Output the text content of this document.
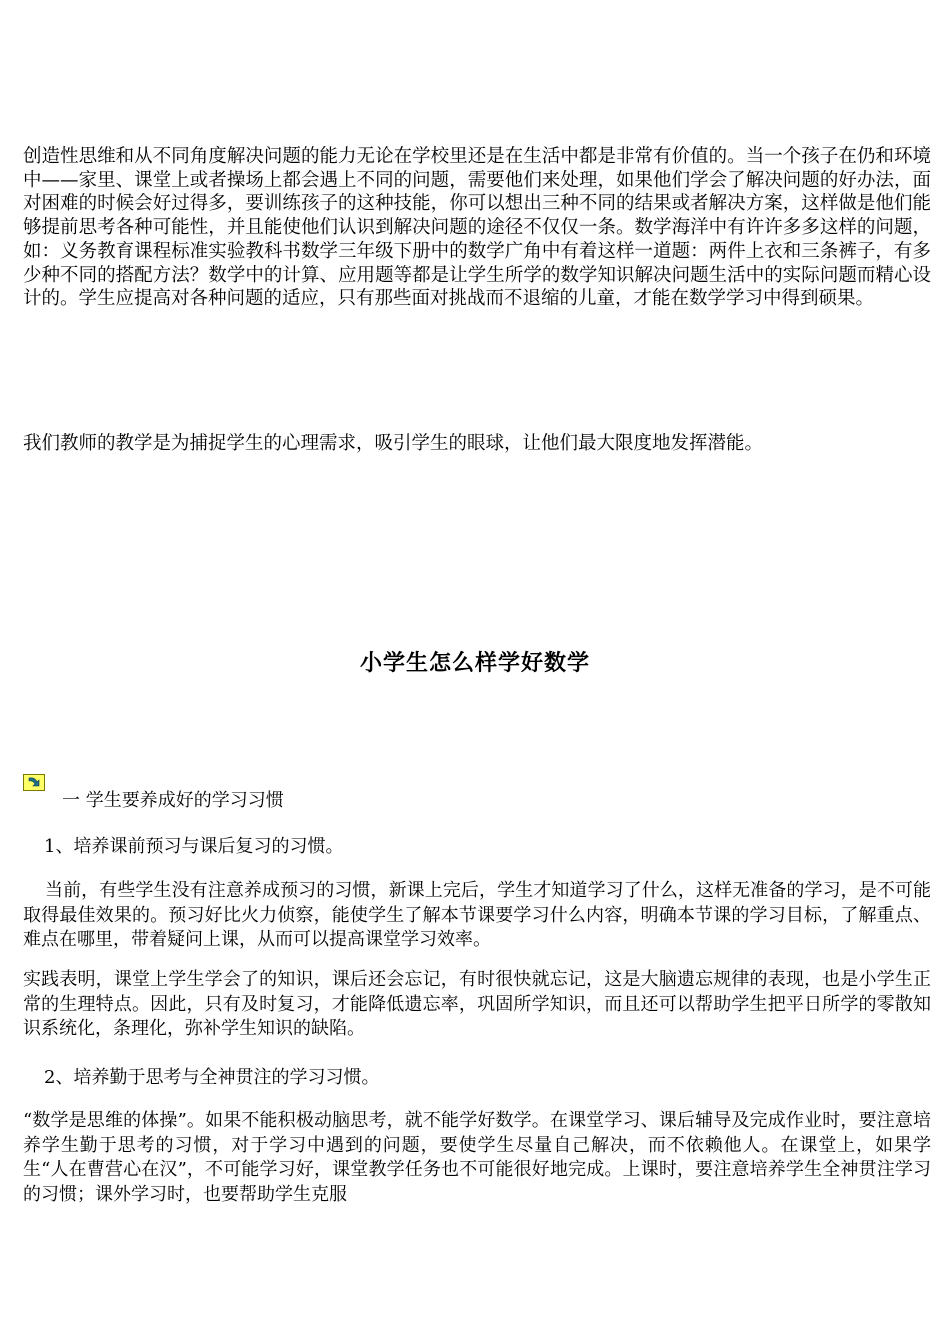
创造性思维和从不同角度解决问题的能力无论在学校里还是在生活中都是非常有价值的。当一个孩子在仍和环境中——家里、课堂上或者操场上都会遇上不同的问题，需要他们来处理，如果他们学会了解决问题的好办法，面对困难的时候会好过得多，要训练孩子的这种技能，你可以想出三种不同的结果或者解决方案，这样做是他们能够提前思考各种可能性，并且能使他们认识到解决问题的途径不仅仅一条。数学海洋中有许许多多这样的问题，如：义务教育课程标准实验教科书数学三年级下册中的数学广角中有着这样一道题：两件上衣和三条裤子，有多少种不同的搭配方法？数学中的计算、应用题等都是让学生所学的数学知识解决问题生活中的实际问题而精心设计的。学生应提高对各种问题的适应，只有那些面对挑战而不退缩的儿童，才能在数学学习中得到硕果。

我们教师的教学是为捕捉学生的心理需求，吸引学生的眼球，让他们最大限度地发挥潜能。

小学生怎么样学好数学

一 学生要养成好的学习习惯

1、培养课前预习与课后复习的习惯。

当前，有些学生没有注意养成预习的习惯，新课上完后，学生才知道学习了什么，这样无准备的学习，是不可能取得最佳效果的。预习好比火力侦察，能使学生了解本节课要学习什么内容，明确本节课的学习目标，了解重点、难点在哪里，带着疑问上课，从而可以提高课堂学习效率。

实践表明，课堂上学生学会了的知识，课后还会忘记，有时很快就忘记，这是大脑遗忘规律的表现，也是小学生正常的生理特点。因此，只有及时复习，才能降低遗忘率，巩固所学知识，而且还可以帮助学生把平日所学的零散知识系统化，条理化，弥补学生知识的缺陷。

2、培养勤于思考与全神贯注的学习习惯。

“数学是思维的体操”。如果不能积极动脑思考，就不能学好数学。在课堂学习、课后辅导及完成作业时，要注意培养学生勤于思考的习惯，对于学习中遇到的问题，要使学生尽量自己解决，而不依赖他人。在课堂上，如果学生“人在曹营心在汉”，不可能学习好，课堂教学任务也不可能很好地完成。上课时，要注意培养学生全神贯注学习的习惯；课外学习时，也要帮助学生克服
